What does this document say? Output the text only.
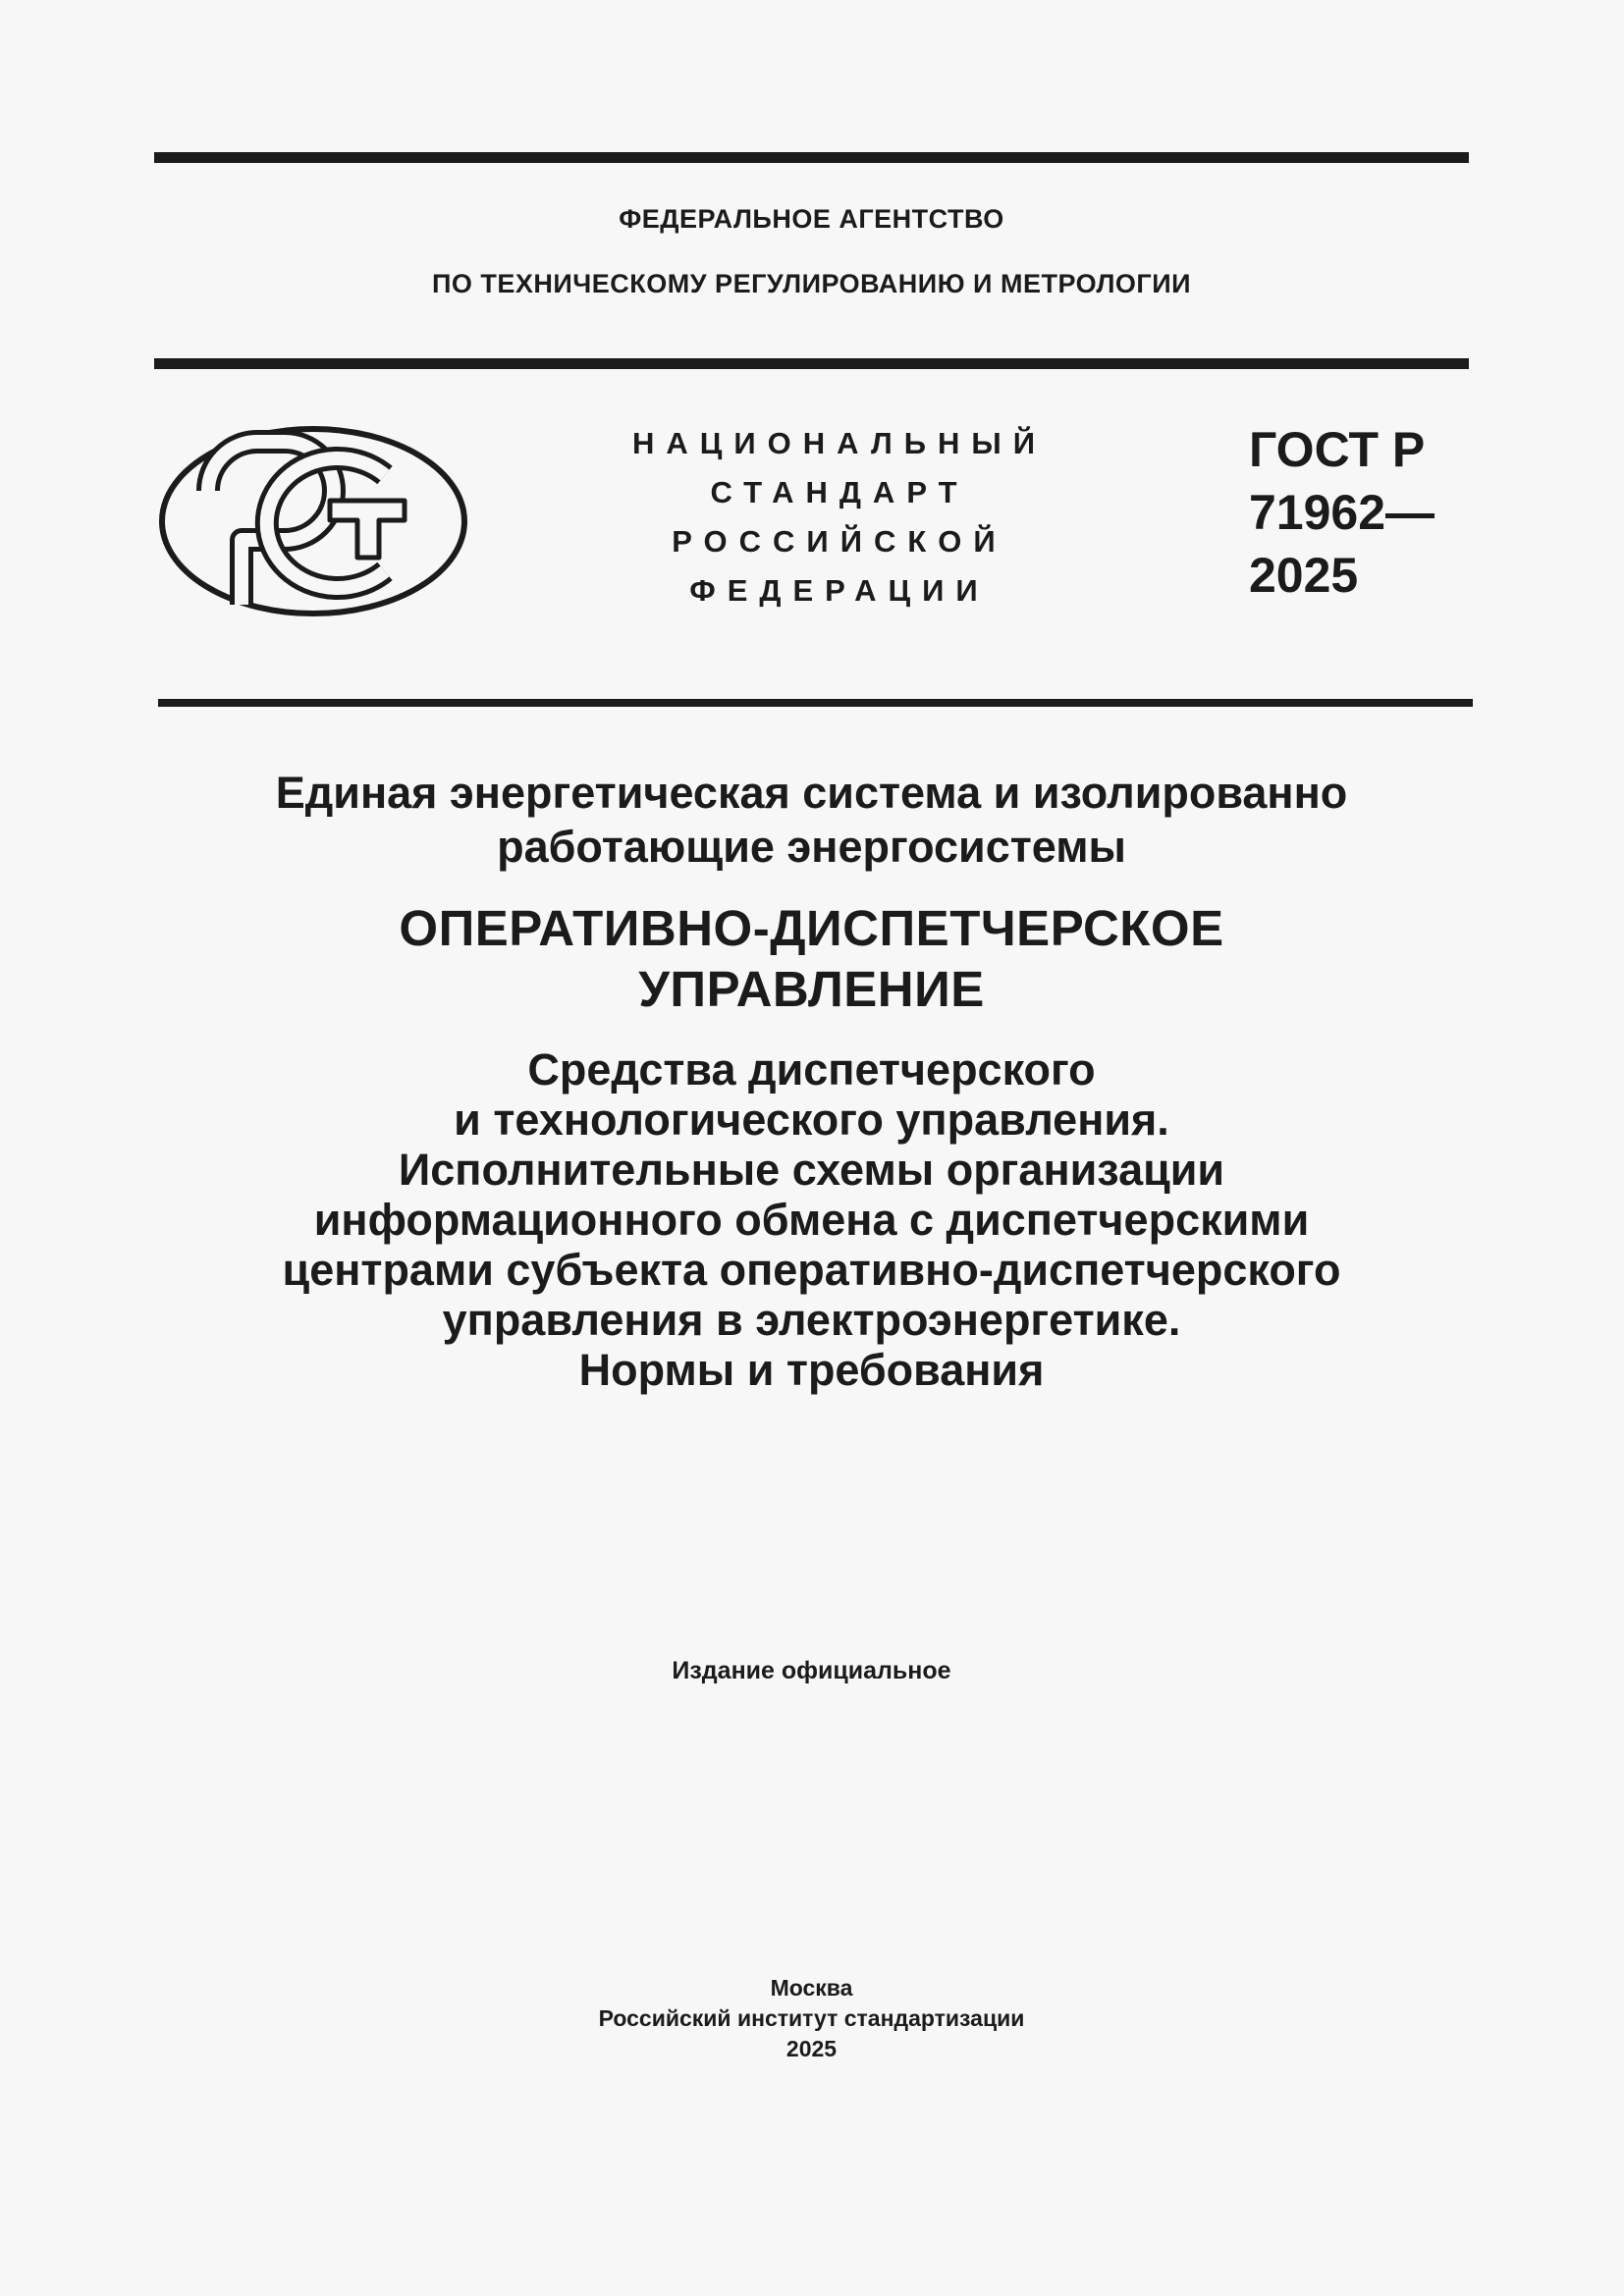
ФЕДЕРАЛЬНОЕ АГЕНТСТВО
ПО ТЕХНИЧЕСКОМУ РЕГУЛИРОВАНИЮ И МЕТРОЛОГИИ
НАЦИОНАЛЬНЫЙ
СТАНДАРТ
РОССИЙСКОЙ
ФЕДЕРАЦИИ
ГОСТ Р
71962—
2025
Единая энергетическая система и изолированно
работающие энергосистемы
ОПЕРАТИВНО-ДИСПЕТЧЕРСКОЕ
УПРАВЛЕНИЕ
Средства диспетчерского
и технологического управления.
Исполнительные схемы организации
информационного обмена с диспетчерскими
центрами субъекта оперативно-диспетчерского
управления в электроэнергетике.
Нормы и требования
Издание официальное
Москва
Российский институт стандартизации
2025
